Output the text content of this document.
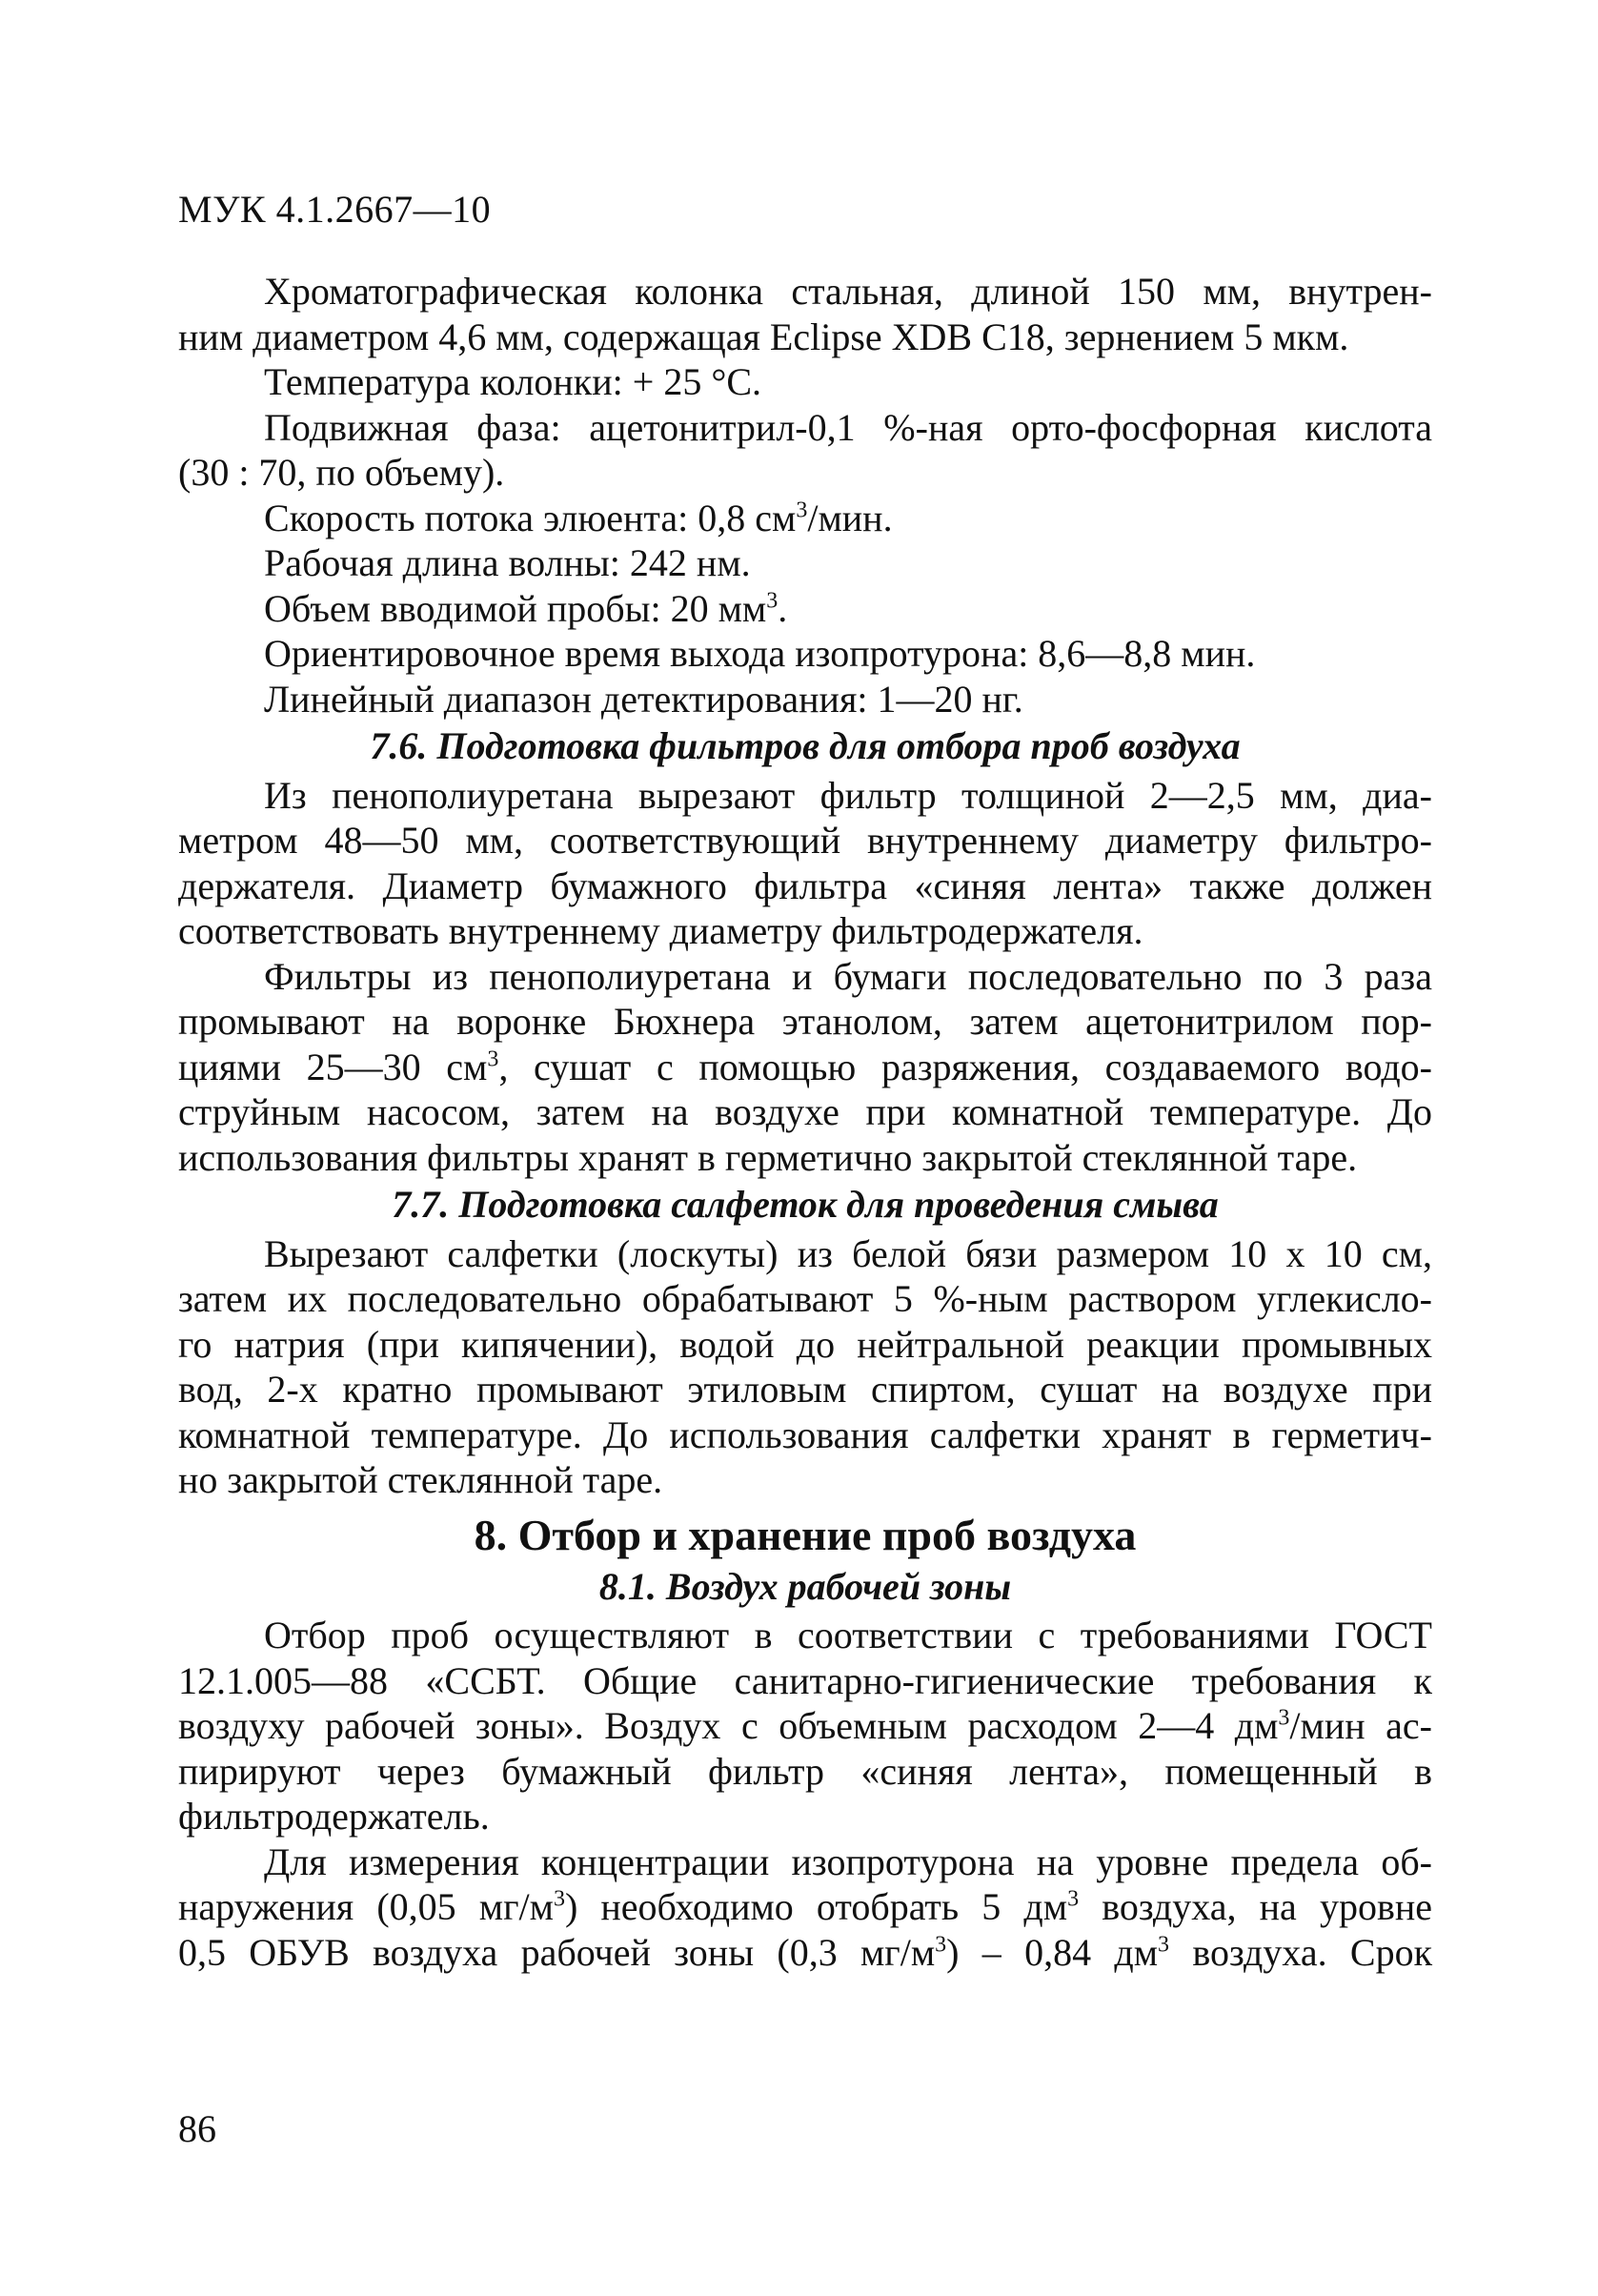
МУК 4.1.2667—10
Хроматографическая колонка стальная, длиной 150 мм, внутрен-
ним диаметром 4,6 мм, содержащая Eclipse XDB C18, зернением 5 мкм.
Температура колонки: + 25 °С.
Подвижная фаза: ацетонитрил-0,1 %-ная орто-фосфорная кислота
(30 : 70, по объему).
Скорость потока элюента: 0,8 $см^3$/мин.
Рабочая длина волны: 242 нм.
Объем вводимой пробы: 20 $мм^3$.
Ориентировочное время выхода изопротурона: 8,6—8,8 мин.
Линейный диапазон детектирования: 1—20 нг.
7.6. Подготовка фильтров для отбора проб воздуха
Из пенополиуретана вырезают фильтр толщиной 2—2,5 мм, диа-
метром 48—50 мм, соответствующий внутреннему диаметру фильтро-
держателя. Диаметр бумажного фильтра «синяя лента» также должен
соответствовать внутреннему диаметру фильтродержателя.
Фильтры из пенополиуретана и бумаги последовательно по 3 раза
промывают на воронке Бюхнера этанолом, затем ацетонитрилом пор-
циями 25—30 $см^3$, сушат с помощью разряжения, создаваемого водо-
струйным насосом, затем на воздухе при комнатной температуре. До
использования фильтры хранят в герметично закрытой стеклянной таре.
7.7. Подготовка салфеток для проведения смыва
Вырезают салфетки (лоскуты) из белой бязи размером 10 х 10 см,
затем их последовательно обрабатывают 5 %-ным раствором углекисло-
го натрия (при кипячении), водой до нейтральной реакции промывных
вод, 2-х кратно промывают этиловым спиртом, сушат на воздухе при
комнатной температуре. До использования салфетки хранят в герметич-
но закрытой стеклянной таре.
8. Отбор и хранение проб воздуха
8.1. Воздух рабочей зоны
Отбор проб осуществляют в соответствии с требованиями ГОСТ
12.1.005—88 «ССБТ. Общие санитарно-гигиенические требования к
воздуху рабочей зоны». Воздух с объемным расходом 2—4 $дм^3$/мин ас-
пирируют через бумажный фильтр «синяя лента», помещенный в
фильтродержатель.
Для измерения концентрации изопротурона на уровне предела об-
наружения (0,05 $мг/м^3$) необходимо отобрать 5 $дм^3$ воздуха, на уровне
0,5 ОБУВ воздуха рабочей зоны (0,3 $мг/м^3) - 0,84$ $дм^3$ воздуха. Срок
86
